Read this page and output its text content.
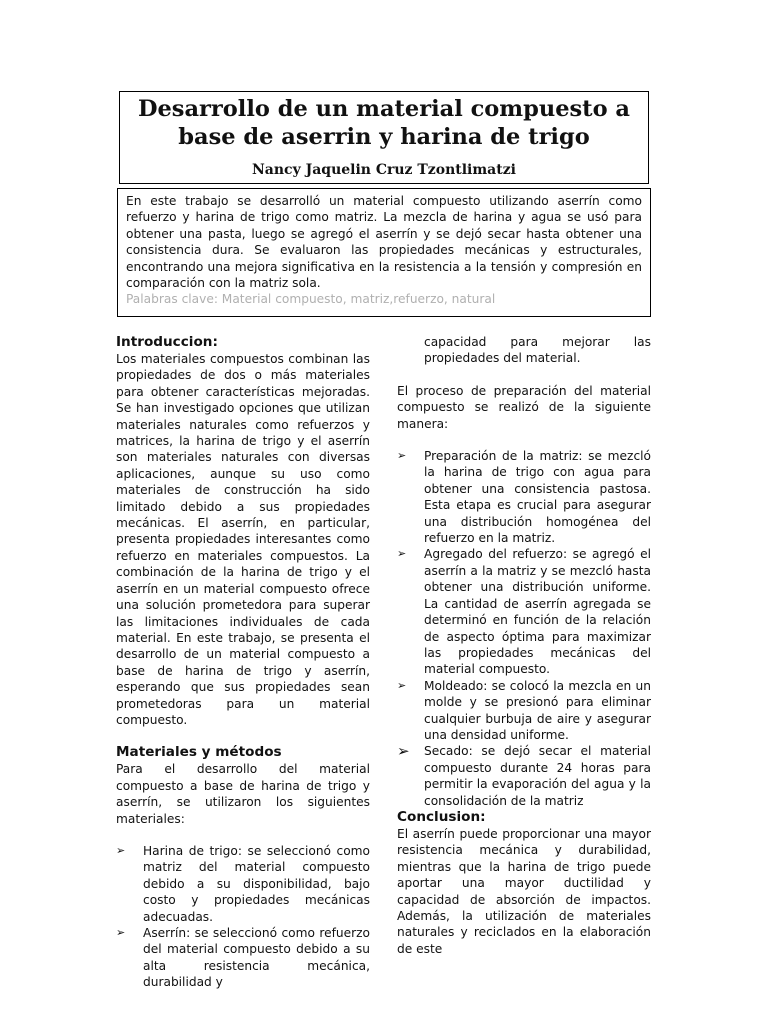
Desarrollo de un material compuesto a base de aserrin y harina de trigo
Nancy Jaquelin Cruz Tzontlimatzi

En este trabajo se desarrolló un material compuesto utilizando aserrín como refuerzo y harina de trigo como matriz. La mezcla de harina y agua se usó para obtener una pasta, luego se agregó el aserrín y se dejó secar hasta obtener una consistencia dura. Se evaluaron las propiedades mecánicas y estructurales, encontrando una mejora significativa en la resistencia a la tensión y compresión en comparación con la matriz sola.

Palabras clave: Material compuesto, matriz,refuerzo, natural

Introduccion:

Los materiales compuestos combinan las propiedades de dos o más materiales para obtener características mejoradas. Se han investigado opciones que utilizan materiales naturales como refuerzos y matrices, la harina de trigo y el aserrín son materiales naturales con diversas aplicaciones, aunque su uso como materiales de construcción ha sido limitado debido a sus propiedades mecánicas. El aserrín, en particular, presenta propiedades interesantes como refuerzo en materiales compuestos. La combinación de la harina de trigo y el aserrín en un material compuesto ofrece una solución prometedora para superar las limitaciones individuales de cada material. En este trabajo, se presenta el desarrollo de un material compuesto a base de harina de trigo y aserrín, esperando que sus propiedades sean prometedoras para un material compuesto.

Materiales y métodos

Para el desarrollo del material compuesto a base de harina de trigo y aserrín, se utilizaron los siguientes materiales:

➢	Harina de trigo: se seleccionó como matriz del material compuesto debido a su disponibilidad, bajo costo y propiedades mecánicas adecuadas.
➢	Aserrín: se seleccionó como refuerzo del material compuesto debido a su alta resistencia mecánica, durabilidad y

capacidad para mejorar las propiedades del material.

El proceso de preparación del material compuesto se realizó de la siguiente manera:

➢	Preparación de la matriz: se mezcló la harina de trigo con agua para obtener una consistencia pastosa. Esta etapa es crucial para asegurar una distribución homogénea del refuerzo en la matriz.
➢	Agregado del refuerzo: se agregó el aserrín a la matriz y se mezcló hasta obtener una distribución uniforme. La cantidad de aserrín agregada se determinó en función de la relación de aspecto óptima para maximizar las propiedades mecánicas del material compuesto.
➢	Moldeado: se colocó la mezcla en un molde y se presionó para eliminar cualquier burbuja de aire y asegurar una densidad uniforme.
➢ Secado: se dejó secar el material compuesto durante 24 horas para permitir la evaporación del agua y la consolidación de la matriz

Conclusion:

El aserrín puede proporcionar una mayor resistencia mecánica y durabilidad, mientras que la harina de trigo puede aportar una mayor ductilidad y capacidad de absorción de impactos. Además, la utilización de materiales naturales y reciclados en la elaboración de este
